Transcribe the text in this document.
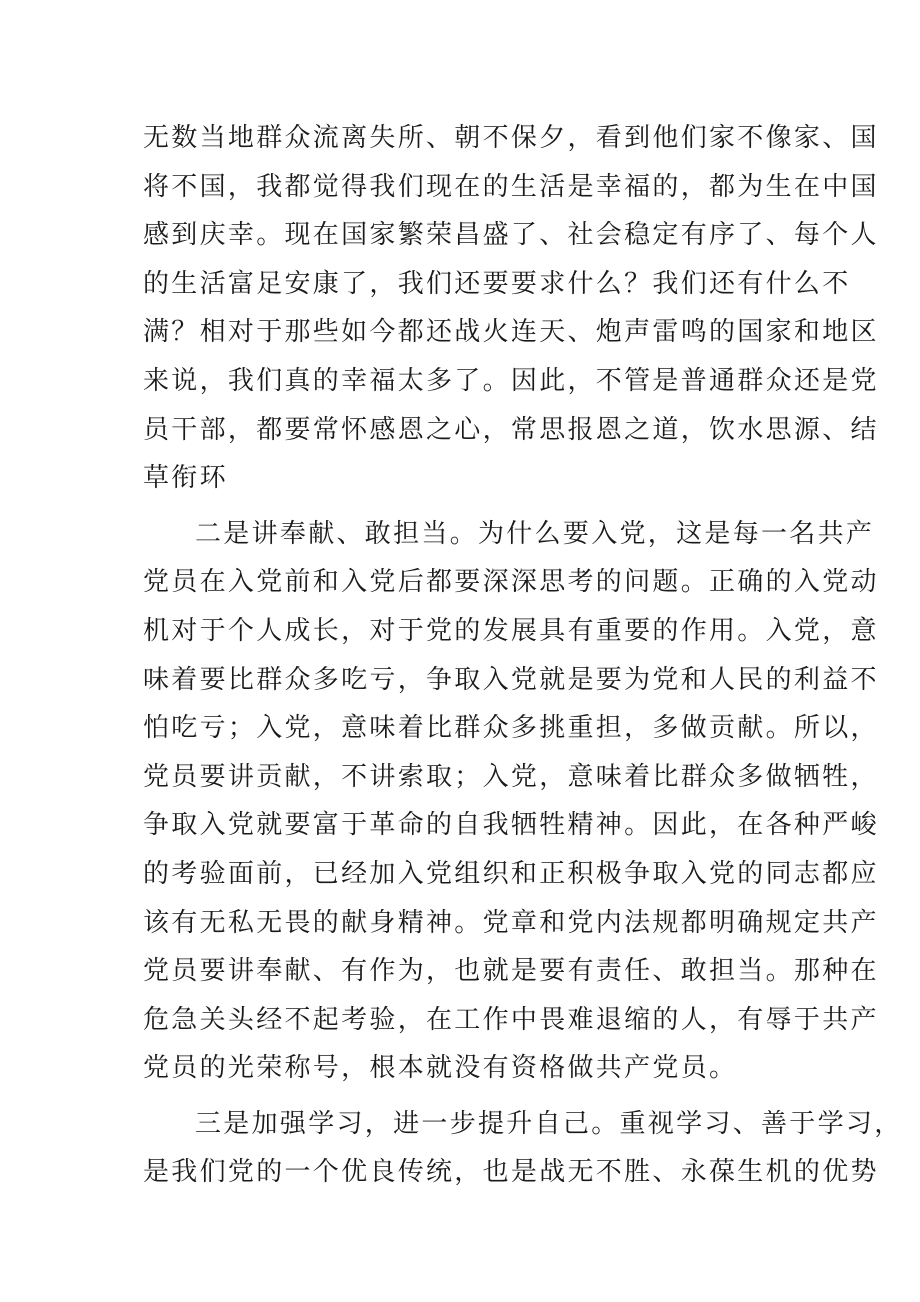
无数当地群众流离失所、朝不保夕，看到他们家不像家、国
将不国，我都觉得我们现在的生活是幸福的，都为生在中国
感到庆幸。现在国家繁荣昌盛了、社会稳定有序了、每个人
的生活富足安康了，我们还要要求什么？我们还有什么不
满？相对于那些如今都还战火连天、炮声雷鸣的国家和地区
来说，我们真的幸福太多了。因此，不管是普通群众还是党
员干部，都要常怀感恩之心，常思报恩之道，饮水思源、结
草衔环
二是讲奉献、敢担当。为什么要入党，这是每一名共产
党员在入党前和入党后都要深深思考的问题。正确的入党动
机对于个人成长，对于党的发展具有重要的作用。入党，意
味着要比群众多吃亏，争取入党就是要为党和人民的利益不
怕吃亏；入党，意味着比群众多挑重担，多做贡献。所以，
党员要讲贡献，不讲索取；入党，意味着比群众多做牺牲，
争取入党就要富于革命的自我牺牲精神。因此，在各种严峻
的考验面前，已经加入党组织和正积极争取入党的同志都应
该有无私无畏的献身精神。党章和党内法规都明确规定共产
党员要讲奉献、有作为，也就是要有责任、敢担当。那种在
危急关头经不起考验，在工作中畏难退缩的人，有辱于共产
党员的光荣称号，根本就没有资格做共产党员。
三是加强学习，进一步提升自己。重视学习、善于学习，
是我们党的一个优良传统，也是战无不胜、永葆生机的优势
